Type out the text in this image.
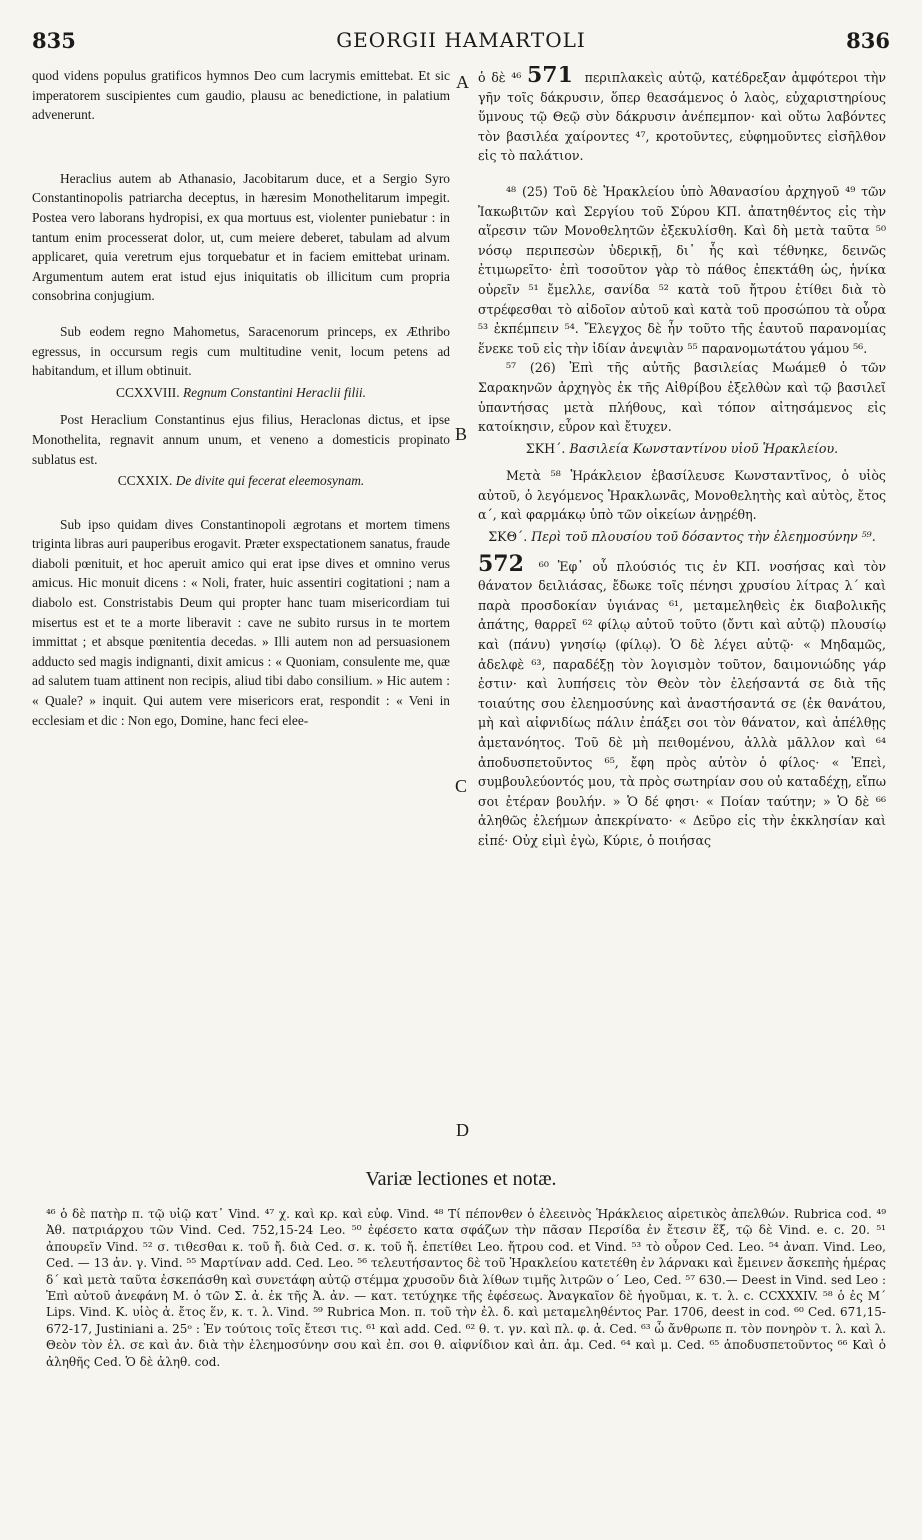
835	GEORGII HAMARTOLI	836

quod videns populus gratificos hymnos Deo cum lacrymis emittebat. Et sic imperatorem suscipientes cum gaudio, plausu ac benedictione, in palatium advenerunt.

Heraclius autem ab Athanasio, Jacobitarum duce, et a Sergio Syro Constantinopolis patriarcha deceptus, in hæresim Monothelitarum impegit. Postea vero laborans hydropisi, ex qua mortuus est, violenter puniebatur : in tantum enim processerat dolor, ut, cum meiere deberet, tabulam ad alvum applicaret, quia veretrum ejus torquebatur et in faciem emittebat urinam. Argumentum autem erat istud ejus iniquitatis ob illicitum cum propria consobrina conjugium.

Sub eodem regno Mahometus, Saracenorum princeps, ex Æthribo egressus, in occursum regis cum multitudine venit, locum petens ad habitandum, et illum obtinuit.

CCXXVIII. Regnum Constantini Heraclii filii.

Post Heraclium Constantinus ejus filius, Heraclonas dictus, et ipse Monothelita, regnavit annum unum, et veneno a domesticis propinato sublatus est.

CCXXIX. De divite qui fecerat eleemosynam.

Sub ipso quidam dives Constantinopoli ægrotans et mortem timens triginta libras auri pauperibus erogavit. Præter exspectationem sanatus, fraude diaboli pœnituit, et hoc aperuit amico qui erat ipse dives et omnino verus amicus. Hic monuit dicens : « Noli, frater, huic assentiri cogitationi ; nam a diabolo est. Constristabis Deum qui propter hanc tuam misericordiam tui misertus est et te a morte liberavit : cave ne subito rursus in te mortem immittat ; et absque pœnitentia decedas. » Illi autem non ad persuasionem adducto sed magis indignanti, dixit amicus : « Quoniam, consulente me, quæ ad salutem tuam attinent non recipis, aliud tibi dabo consilium. » Hic autem : « Quale? » inquit. Qui autem vere misericors erat, respondit : « Veni in ecclesiam et dic : Non ego, Domine, hanc feci elee-

A
B
C
D

ὁ δὲ ⁴⁶ 571 περιπλακεὶς αὐτῷ, κατέδρεξαν ἀμφότεροι τὴν γῆν τοῖς δάκρυσιν, ὅπερ θεασάμενος ὁ λαὸς, εὐχαριστηρίους ὕμνους τῷ Θεῷ σὺν δάκρυσιν ἀνέπεμπον· καὶ οὕτω λαβόντες τὸν βασιλέα χαίροντες ⁴⁷, κροτοῦντες, εὐφημοῦντες εἰσῆλθον εἰς τὸ παλάτιον.

⁴⁸ (25) Τοῦ δὲ Ἡρακλείου ὑπὸ Ἀθανασίου ἀρχηγοῦ ⁴⁹ τῶν Ἰακωβιτῶν καὶ Σεργίου τοῦ Σύρου ΚΠ. ἀπατηθέντος εἰς τὴν αἵρεσιν τῶν Μονοθελητῶν ἐξεκυλίσθη. Καὶ δὴ μετὰ ταῦτα ⁵⁰ νόσῳ περιπεσὼν ὑδερικῇ, δι᾽ ἧς καὶ τέθνηκε, δεινῶς ἐτιμωρεῖτο· ἐπὶ τοσοῦτον γὰρ τὸ πάθος ἐπεκτάθη ὡς, ἡνίκα οὐρεῖν ⁵¹ ἔμελλε, σανίδα ⁵² κατὰ τοῦ ἤτρου ἐτίθει διὰ τὸ στρέφεσθαι τὸ αἰδοῖον αὐτοῦ καὶ κατὰ τοῦ προσώπου τὰ οὖρα ⁵³ ἐκπέμπειν ⁵⁴. Ἔλεγχος δὲ ἦν τοῦτο τῆς ἑαυτοῦ παρανομίας ἕνεκε τοῦ εἰς τὴν ἰδίαν ἀνεψιὰν ⁵⁵ παρανομωτάτου γάμου ⁵⁶.

⁵⁷ (26) Ἐπὶ τῆς αὐτῆς βασιλείας Μωάμεθ ὁ τῶν Σαρακηνῶν ἀρχηγὸς ἐκ τῆς Αἰθρίβου ἐξελθὼν καὶ τῷ βασιλεῖ ὑπαντήσας μετὰ πλήθους, καὶ τόπον αἰτησάμενος εἰς κατοίκησιν, εὗρον καὶ ἔτυχεν.

ΣΚΗ΄. Βασιλεία Κωνσταντίνου υἱοῦ Ἡρακλείου.

Μετὰ ⁵⁸ Ἡράκλειον ἐβασίλευσε Κωνσταντῖνος, ὁ υἱὸς αὐτοῦ, ὁ λεγόμενος Ἡρακλωνᾶς, Μονοθελητὴς καὶ αὐτὸς, ἔτος α΄, καὶ φαρμάκῳ ὑπὸ τῶν οἰκείων ἀνῃρέθη.

ΣΚΘ΄. Περὶ τοῦ πλουσίου τοῦ δόσαντος τὴν ἐλεημοσύνην ⁵⁹.

572 ⁶⁰ Ἐφ᾽ οὗ πλούσιός τις ἐν ΚΠ. νοσήσας καὶ τὸν θάνατον δειλιάσας, ἔδωκε τοῖς πένησι χρυσίου λίτρας λ΄ καὶ παρὰ προσδοκίαν ὑγιάνας ⁶¹, μεταμεληθεὶς ἐκ διαβολικῆς ἀπάτης, θαρρεῖ ⁶² φίλῳ αὐτοῦ τοῦτο (ὄντι καὶ αὐτῷ) πλουσίῳ καὶ (πάνυ) γνησίῳ (φίλῳ). Ὁ δὲ λέγει αὐτῷ· « Μηδαμῶς, ἀδελφὲ ⁶³, παραδέξῃ τὸν λογισμὸν τοῦτον, δαιμονιώδης γάρ ἐστιν· καὶ λυπήσεις τὸν Θεὸν τὸν ἐλεήσαντά σε διὰ τῆς τοιαύτης σου ἐλεημοσύνης καὶ ἀναστήσαντά σε (ἐκ θανάτου, μὴ καὶ αἰφνιδίως πάλιν ἐπάξει σοι τὸν θάνατον, καὶ ἀπέλθῃς ἀμετανόητος. Τοῦ δὲ μὴ πειθομένου, ἀλλὰ μᾶλλον καὶ ⁶⁴ ἀποδυσπετοῦντος ⁶⁵, ἔφη πρὸς αὐτὸν ὁ φίλος· « Ἐπεὶ, συμβουλεύοντός μου, τὰ πρὸς σωτηρίαν σου οὐ καταδέχῃ, εἴπω σοι ἑτέραν βουλήν. » Ὁ δέ φησι· « Ποίαν ταύτην; » Ὁ δὲ ⁶⁶ ἀληθῶς ἐλεήμων ἀπεκρίνατο· « Δεῦρο εἰς τὴν ἐκκλησίαν καὶ εἰπέ· Οὐχ εἰμὶ ἐγὼ, Κύριε, ὁ ποιήσας

Variæ lectiones et notæ.

⁴⁶ ὁ δὲ πατὴρ π. τῷ υἱῷ κατ᾽ Vind. ⁴⁷ χ. καὶ κρ. καὶ εὐφ. Vind. ⁴⁸ Τί πέπονθεν ὁ ἐλεεινὸς Ἡράκλειος αἱρετικὸς ἀπελθών. Rubrica cod. ⁴⁹ Ἀθ. πατριάρχου τῶν Vind. Ced. 752,15-24 Leo. ⁵⁰ ἐφέσετο κατα σφάζων τὴν πᾶσαν Περσίδα ἐν ἔτεσιν ἕξ, τῷ δὲ Vind. e. c. 20. ⁵¹ ἀπουρεῖν Vind. ⁵² σ. τιθεσθαι κ. τοῦ ἤ. διὰ Ced. σ. κ. τοῦ ἤ. ἐπετίθει Leo. ἤτρου cod. et Vind. ⁵³ τὸ οὖρον Ced. Leo. ⁵⁴ ἀναπ. Vind. Leo, Ced. — 13 ἀν. γ. Vind. ⁵⁵ Μαρτίναν add. Ced. Leo. ⁵⁶ τελευτήσαντος δὲ τοῦ Ἡρακλείου κατετέθη ἐν λάρνακι καὶ ἔμεινεν ἄσκεπὴς ἡμέρας δ΄ καὶ μετὰ ταῦτα ἐσκεπάσθη καὶ συνετάφη αὐτῷ στέμμα χρυσοῦν διὰ λίθων τιμῆς λιτρῶν ο΄ Leo, Ced. ⁵⁷ 630.— Deest in Vind. sed Leo : Ἐπὶ αὐτοῦ ἀνεφάνη Μ. ὁ τῶν Σ. ἀ. ἐκ τῆς Ἀ. ἀν. — κατ. τετύχηκε τῆς ἐφέσεως. Ἀναγκαῖον δὲ ἡγοῦμαι, κ. τ. λ. c. CCXXXIV. ⁵⁸ ὁ ἐς Μ΄ Lips. Vind. Κ. υἱὸς ἀ. ἔτος ἕν, κ. τ. λ. Vind. ⁵⁹ Rubrica Mon. π. τοῦ τὴν ἐλ. δ. καὶ μεταμεληθέντος Par. 1706, deest in cod. ⁶⁰ Ced. 671,15-672-17, Justiniani a. 25ᵒ : Ἐν τούτοις τοῖς ἔτεσι τις. ⁶¹ καὶ add. Ced. ⁶² θ. τ. γν. καὶ πλ. φ. ἀ. Ced. ⁶³ ὦ ἄνθρωπε π. τὸν πονηρὸν τ. λ. καὶ λ. Θεὸν τὸν ἐλ. σε καὶ ἀν. διὰ τὴν ἐλεημοσύνην σου καὶ ἐπ. σοι θ. αἰφνίδιον καὶ ἀπ. ἀμ. Ced. ⁶⁴ καὶ μ. Ced. ⁶⁵ ἀποδυσπετοῦντος ⁶⁶ Καὶ ὁ ἀληθῆς Ced. Ὁ δὲ ἀληθ. cod.
